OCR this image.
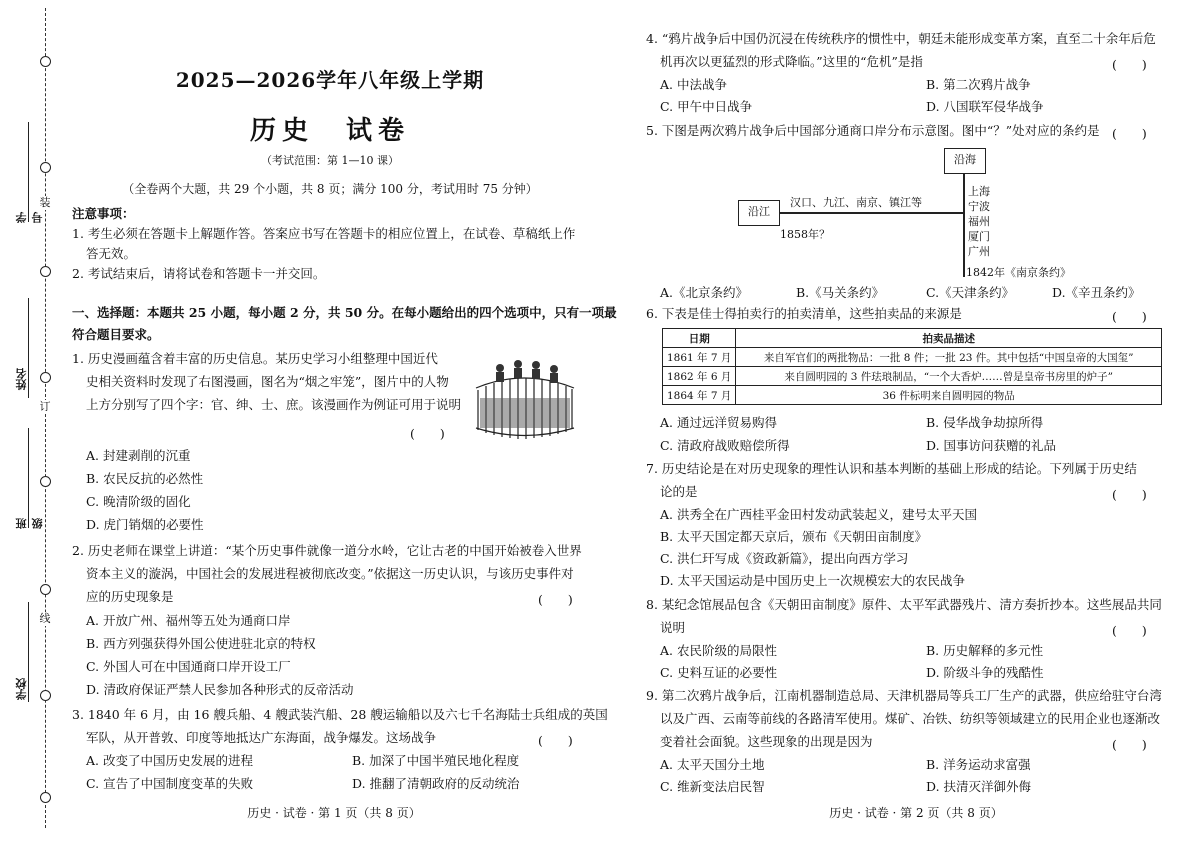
装
订
线
学号
姓名
班级
学校
2025—2026学年八年级上学期
历史　试卷
（考试范围：第 1—10 课）
（全卷两个大题，共 29 个小题，共 8 页；满分 100 分，考试用时 75 分钟）
注意事项：
1. 考生必须在答题卡上解题作答。答案应书写在答题卡的相应位置上，在试卷、草稿纸上作
答无效。
2. 考试结束后，请将试卷和答题卡一并交回。
一、选择题：本题共 25 小题，每小题 2 分，共 50 分。在每小题给出的四个选项中，只有一项最
符合题目要求。
1. 历史漫画蕴含着丰富的历史信息。某历史学习小组整理中国近代
史相关资料时发现了右图漫画，图名为“烟之牢笼”，图片中的人物
上方分别写了四个字：官、绅、士、庶。该漫画作为例证可用于说明
(　　)
A. 封建剥削的沉重
B. 农民反抗的必然性
C. 晚清阶级的固化
D. 虎门销烟的必要性
2. 历史老师在课堂上讲道：“某个历史事件就像一道分水岭，它让古老的中国开始被卷入世界
资本主义的漩涡，中国社会的发展进程被彻底改变。”依据这一历史认识，与该历史事件对
应的历史现象是	(　　)
A. 开放广州、福州等五处为通商口岸
B. 西方列强获得外国公使进驻北京的特权
C. 外国人可在中国通商口岸开设工厂
D. 清政府保证严禁人民参加各种形式的反帝活动
3. 1840 年 6 月，由 16 艘兵船、4 艘武装汽船、28 艘运输船以及六七千名海陆士兵组成的英国
军队，从开普敦、印度等地抵达广东海面，战争爆发。这场战争	(　　)
A. 改变了中国历史发展的进程	B. 加深了中国半殖民地化程度
C. 宣告了中国制度变革的失败	D. 推翻了清朝政府的反动统治
历史 · 试卷 · 第 1 页（共 8 页）
4. “鸦片战争后中国仍沉浸在传统秩序的惯性中，朝廷未能形成变革方案，直至二十余年后危
机再次以更猛烈的形式降临。”这里的“危机”是指	(　　)
A. 中法战争	B. 第二次鸦片战争
C. 甲午中日战争	D. 八国联军侵华战争
5. 下图是两次鸦片战争后中国部分通商口岸分布示意图。图中“？”处对应的条约是 (　　)
沿海
沿江
汉口、九江、南京、镇江等
1858年？
上海
宁波
福州
厦门
广州
1842年《南京条约》
A.《北京条约》	B.《马关条约》	C.《天津条约》	D.《辛丑条约》
6. 下表是佳士得拍卖行的拍卖清单，这些拍卖品的来源是	(　　)
A. 通过远洋贸易购得	B. 侵华战争劫掠所得
C. 清政府战败赔偿所得	D. 国事访问获赠的礼品
7. 历史结论是在对历史现象的理性认识和基本判断的基础上形成的结论。下列属于历史结
论的是	(　　)
A. 洪秀全在广西桂平金田村发动武装起义，建号太平天国
B. 太平天国定都天京后，颁布《天朝田亩制度》
C. 洪仁玕写成《资政新篇》，提出向西方学习
D. 太平天国运动是中国历史上一次规模宏大的农民战争
8. 某纪念馆展品包含《天朝田亩制度》原件、太平军武器残片、清方奏折抄本。这些展品共同
说明	(　　)
A. 农民阶级的局限性	B. 历史解释的多元性
C. 史料互证的必要性	D. 阶级斗争的残酷性
9. 第二次鸦片战争后，江南机器制造总局、天津机器局等兵工厂生产的武器，供应给驻守台湾
以及广西、云南等前线的各路清军使用。煤矿、冶铁、纺织等领域建立的民用企业也逐渐改
变着社会面貌。这些现象的出现是因为	(　　)
A. 太平天国分土地	B. 洋务运动求富强
C. 维新变法启民智	D. 扶清灭洋御外侮
历史 · 试卷 · 第 2 页（共 8 页）
日期	拍卖品描述
1861 年 7 月	来自军官们的两批物品：一批 8 件；一批 23 件。其中包括“中国皇帝的大国玺”
1862 年 6 月	来自圆明园的 3 件珐琅制品，“一个大香炉……曾是皇帝书房里的炉子”
1864 年 7 月	36 件标明来自圆明园的物品
